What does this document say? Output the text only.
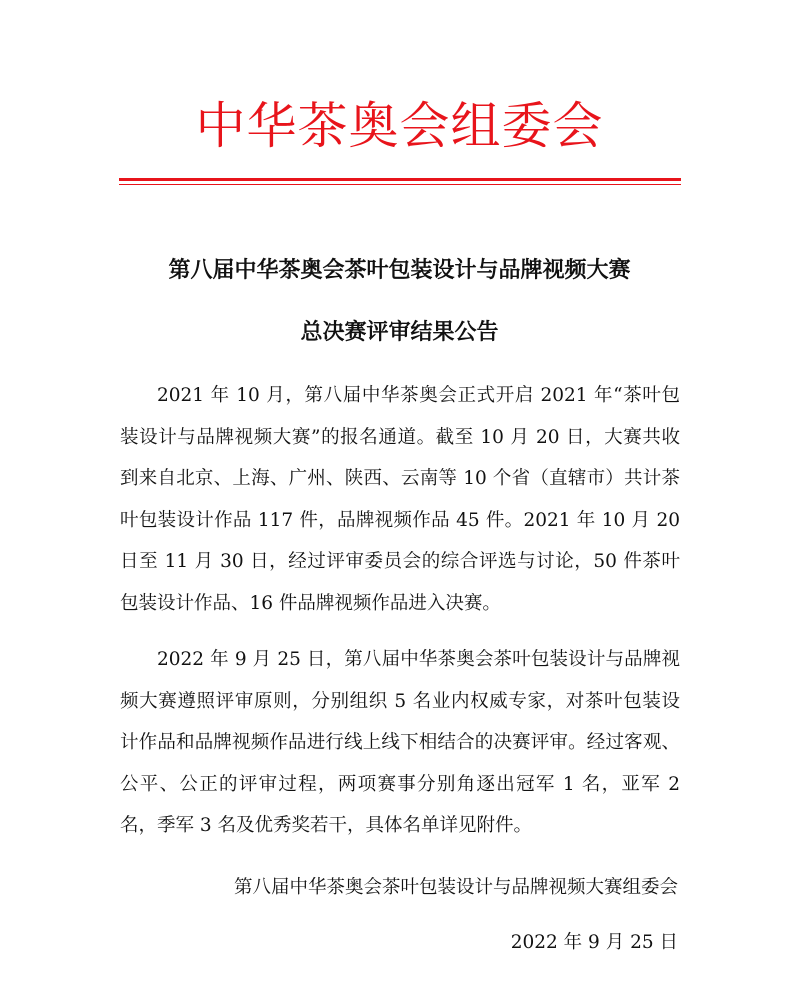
中华茶奥会组委会
第八届中华茶奥会茶叶包装设计与品牌视频大赛
总决赛评审结果公告

2021 年 10 月，第八届中华茶奥会正式开启 2021 年“茶叶包装设计与品牌视频大赛”的报名通道。截至 10 月 20 日，大赛共收到来自北京、上海、广州、陕西、云南等 10 个省（直辖市）共计茶叶包装设计作品 117 件，品牌视频作品 45 件。2021 年 10 月 20 日至 11 月 30 日，经过评审委员会的综合评选与讨论，50 件茶叶包装设计作品、16 件品牌视频作品进入决赛。

2022 年 9 月 25 日，第八届中华茶奥会茶叶包装设计与品牌视频大赛遵照评审原则，分别组织 5 名业内权威专家，对茶叶包装设计作品和品牌视频作品进行线上线下相结合的决赛评审。经过客观、公平、公正的评审过程，两项赛事分别角逐出冠军 1 名，亚军 2 名，季军 3 名及优秀奖若干，具体名单详见附件。

第八届中华茶奥会茶叶包装设计与品牌视频大赛组委会
2022 年 9 月 25 日
